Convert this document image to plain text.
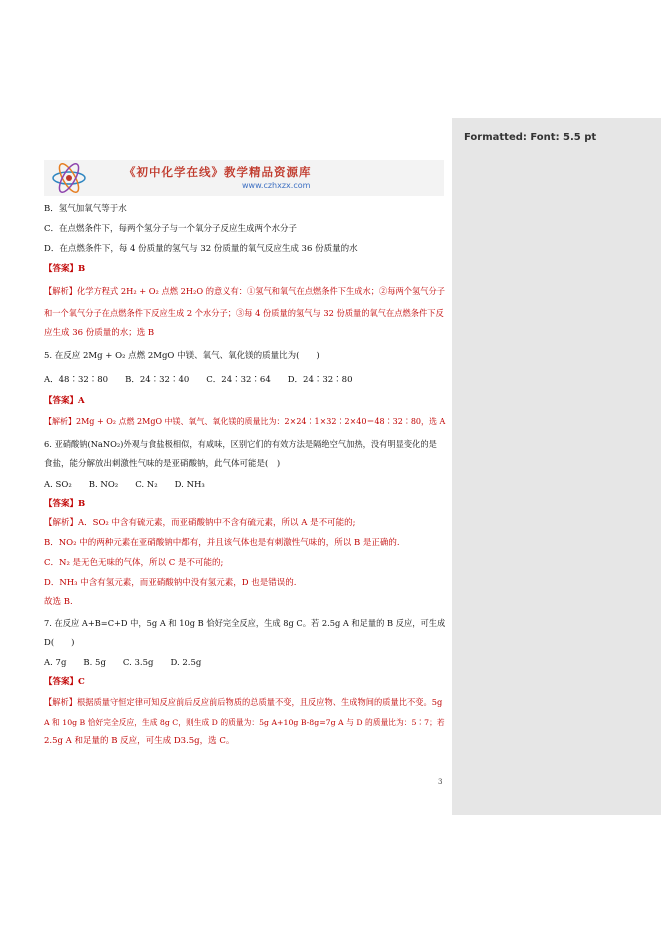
《初中化学在线》教学精品资源库
www.czhxzx.com
B．氢气加氧气等于水
C．在点燃条件下，每两个氢分子与一个氧分子反应生成两个水分子
D．在点燃条件下，每 4 份质量的氢气与 32 份质量的氧气反应生成 36 份质量的水
【答案】B
【解析】化学方程式 2H₂ + O₂ 点燃 2H₂O 的意义有：①氢气和氧气在点燃条件下生成水；②每两个氢气分子
和一个氧气分子在点燃条件下反应生成 2 个水分子；③每 4 份质量的氢气与 32 份质量的氧气在点燃条件下反
应生成 36 份质量的水；选 B
5. 在反应 2Mg + O₂ 点燃 2MgO 中镁、氧气、氧化镁的质量比为(　　)
A．48∶32∶80　　B．24∶32∶40　　C．24∶32∶64　　D．24∶32∶80
【答案】A
【解析】2Mg + O₂ 点燃 2MgO 中镁、氧气、氧化镁的质量比为：2×24∶1×32∶2×40＝48∶32∶80，选 A
6. 亚硝酸钠(NaNO₂)外观与食盐极相似，有咸味，区别它们的有效方法是隔绝空气加热，没有明显变化的是
食盐，能分解放出刺激性气味的是亚硝酸钠，此气体可能是(　)
A. SO₂　　B. NO₂　　C. N₂　　D. NH₃
【答案】B
【解析】A．SO₂ 中含有硫元素，而亚硝酸钠中不含有硫元素，所以 A 是不可能的;
B．NO₂ 中的两种元素在亚硝酸钠中都有，并且该气体也是有刺激性气味的，所以 B 是正确的.
C．N₂ 是无色无味的气体，所以 C 是不可能的;
D．NH₃ 中含有氢元素，而亚硝酸钠中没有氢元素，D 也是错误的.
故选 B.
7. 在反应 A+B=C+D 中，5g A 和 10g B 恰好完全反应，生成 8g C。若 2.5g A 和足量的 B 反应，可生成
D(　　)
A. 7g　　B. 5g　　C. 3.5g　　D. 2.5g
【答案】C
【解析】根据质量守恒定律可知反应前后反应前后物质的总质量不变，且反应物、生成物间的质量比不变。5g
A 和 10g B 恰好完全反应，生成 8g C，则生成 D 的质量为：5g A+10g B-8g=7g A 与 D 的质量比为：5∶7；若
2.5g A 和足量的 B 反应，可生成 D3.5g，选 C。
3
Formatted: Font: 5.5 pt
